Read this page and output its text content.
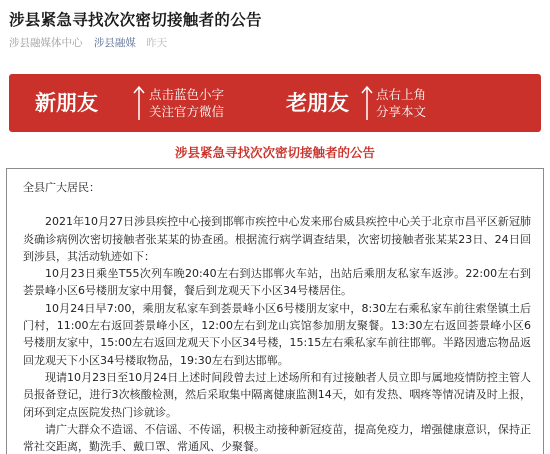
涉县紧急寻找次次密切接触者的公告
涉县融媒体中心 涉县融媒 昨天
新朋友	点击蓝色小字
关注官方微信	老朋友 点右上角
分享本文
涉县紧急寻找次次密切接触者的公告

全县广大居民：

2021年10月27日涉县疾控中心接到邯郸市疾控中心发来邢台威县疾控中心关于北京市昌平区新冠肺炎确诊病例次密切接触者张某某的协查函。根据流行病学调查结果，次密切接触者张某某23日、24日回到涉县，其活动轨迹如下：

10月23日乘坐T55次列车晚20:40左右到达邯郸火车站，出站后乘朋友私家车返涉。22:00左右到荟景峰小区6号楼朋友家中用餐，餐后到龙观天下小区34号楼居住。

10月24日早7:00，乘朋友私家车到荟景峰小区6号楼朋友家中，8:30左右乘私家车前往索堡镇土后门村，11:00左右返回荟景峰小区，12:00左右到龙山宾馆参加朋友聚餐。13:30左右返回荟景峰小区6号楼朋友家中，15:00左右返回龙观天下小区34号楼，15:15左右乘私家车前往邯郸。半路因遗忘物品返回龙观天下小区34号楼取物品，19:30左右到达邯郸。

现请10月23日至10月24日上述时间段曾去过上述场所和有过接触者人员立即与属地疫情防控主管人员报备登记，进行3次核酸检测，然后采取集中隔离健康监测14天，如有发热、咽疼等情况请及时上报，闭环到定点医院发热门诊就诊。

请广大群众不造谣、不信谣、不传谣，积极主动接种新冠疫苗，提高免疫力，增强健康意识，保持正常社交距离，勤洗手、戴口罩、常通风、少聚餐。
